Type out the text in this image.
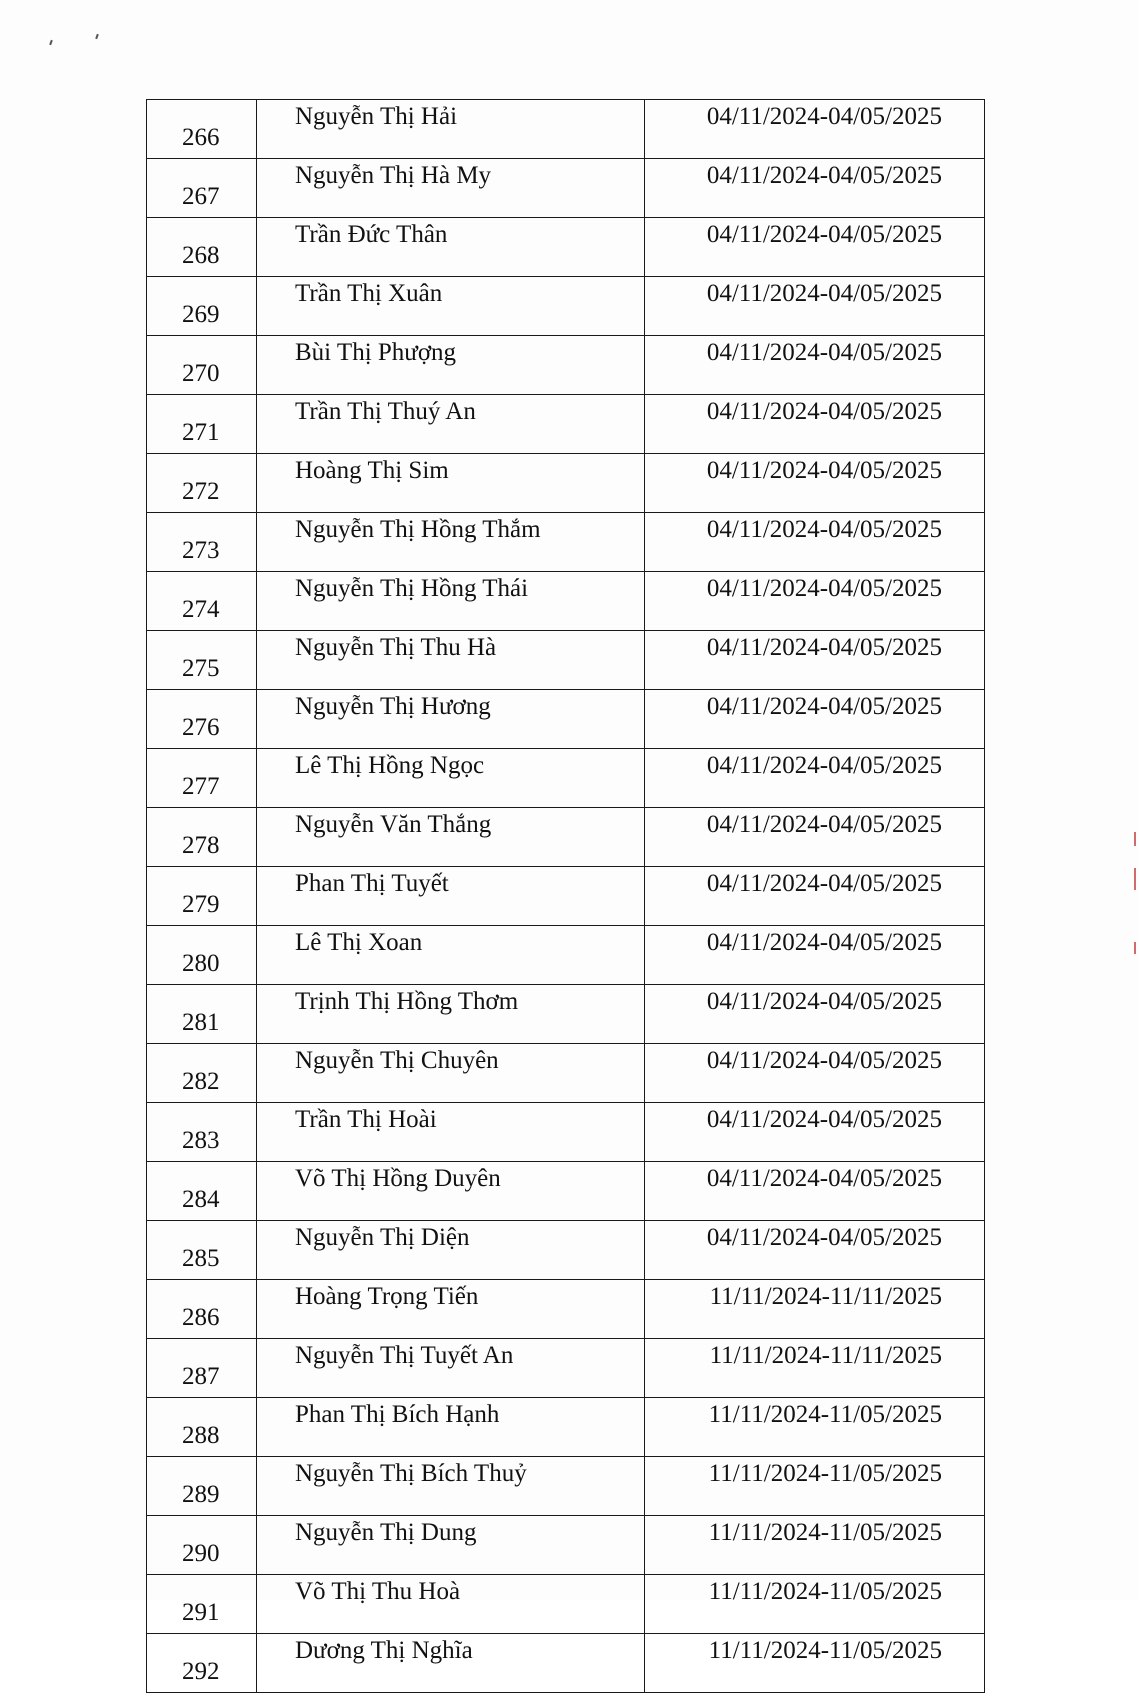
266	Nguyễn Thị Hải	04/11/2024-04/05/2025
267	Nguyễn Thị Hà My	04/11/2024-04/05/2025
268	Trần Đức Thân	04/11/2024-04/05/2025
269	Trần Thị Xuân	04/11/2024-04/05/2025
270	Bùi Thị Phượng	04/11/2024-04/05/2025
271	Trần Thị Thuý An	04/11/2024-04/05/2025
272	Hoàng Thị Sim	04/11/2024-04/05/2025
273	Nguyễn Thị Hồng Thắm	04/11/2024-04/05/2025
274	Nguyễn Thị Hồng Thái	04/11/2024-04/05/2025
275	Nguyễn Thị Thu Hà	04/11/2024-04/05/2025
276	Nguyễn Thị Hương	04/11/2024-04/05/2025
277	Lê Thị Hồng Ngọc	04/11/2024-04/05/2025
278	Nguyễn Văn Thắng	04/11/2024-04/05/2025
279	Phan Thị Tuyết	04/11/2024-04/05/2025
280	Lê Thị Xoan	04/11/2024-04/05/2025
281	Trịnh Thị Hồng Thơm	04/11/2024-04/05/2025
282	Nguyễn Thị Chuyên	04/11/2024-04/05/2025
283	Trần Thị Hoài	04/11/2024-04/05/2025
284	Võ Thị Hồng Duyên	04/11/2024-04/05/2025
285	Nguyễn Thị Diện	04/11/2024-04/05/2025
286	Hoàng Trọng Tiến	11/11/2024-11/11/2025
287	Nguyễn Thị Tuyết An	11/11/2024-11/11/2025
288	Phan Thị Bích Hạnh	11/11/2024-11/05/2025
289	Nguyễn Thị Bích Thuỷ	11/11/2024-11/05/2025
290	Nguyễn Thị Dung	11/11/2024-11/05/2025
291	Võ Thị Thu Hoà	11/11/2024-11/05/2025
292	Dương Thị Nghĩa	11/11/2024-11/05/2025
